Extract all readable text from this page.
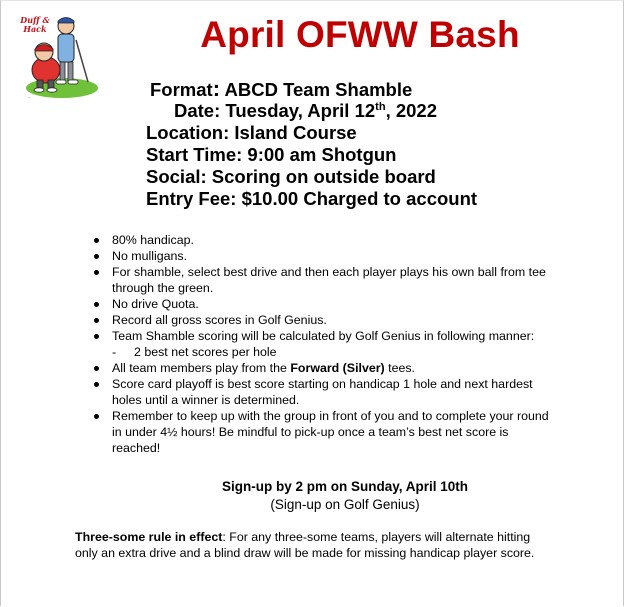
~
Duff &
Hack	April OFWW Bash
Format: ABCD Team Shamble
Date: Tuesday, April 12th, 2022
Location: Island Course
Start Time: 9:00 am Shotgun
Social: Scoring on outside board
Entry Fee: $10.00 Charged to account
80% handicap.
No mulligans.
For shamble, select best drive and then each player plays his own ball from tee through the green.
No drive Quota.
Record all gross scores in Golf Genius.
Team Shamble scoring will be calculated by Golf Genius in following manner:
- 2 best net scores per hole
All team members play from the Forward (Silver) tees.
Score card playoff is best score starting on handicap 1 hole and next hardest holes until a winner is determined.
Remember to keep up with the group in front of you and to complete your round in under 4½ hours! Be mindful to pick-up once a team’s best net score is reached!
Sign-up by 2 pm on Sunday, April 10th
(Sign-up on Golf Genius)
Three-some rule in effect: For any three-some teams, players will alternate hitting only an extra drive and a blind draw will be made for missing handicap player score.
